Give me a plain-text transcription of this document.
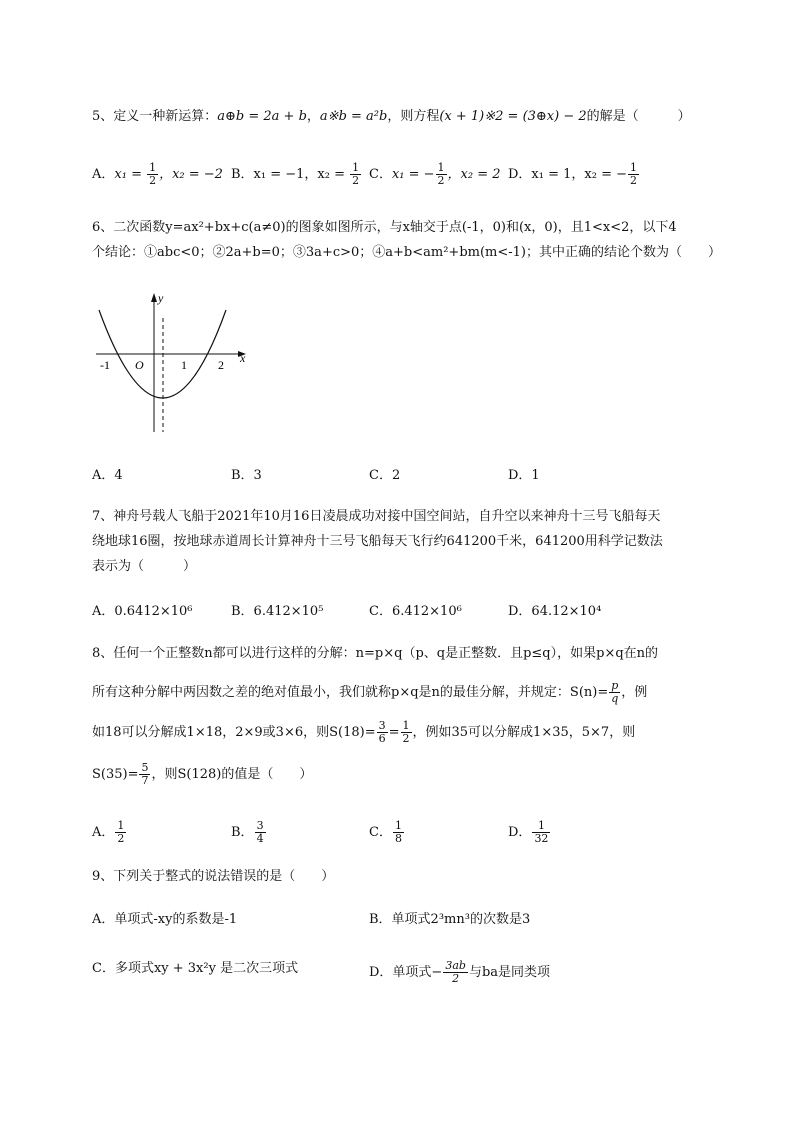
5、定义一种新运算：a⊕b = 2a + b，a※b = a²b，则方程(x + 1)※2 = (3⊕x) − 2的解是（　　　）
A．$x_1 = \frac{1}{2}$ ，x₂ = −2 B．x₁ = −1，$x_2 = \frac{1}{2}$ C．x₁ = − $\frac{1}{2}$ ，x₂ = 2 D．x₁ = 1，x₂ = − $\frac{1}{2}$
6、二次函数y=ax²+bx+c(a≠0)的图象如图所示，与x轴交于点(-1，0)和(x，0)，且1<x<2，以下4
个结论：①abc<0；②2a+b=0；③3a+c>0；④a+b<am²+bm(m<-1)；其中正确的结论个数为（　　）
y
x
O
-1	1	2
A．4	B．3	C．2	D．1
7、神舟号载人飞船于2021年10月16日凌晨成功对接中国空间站，自升空以来神舟十三号飞船每天
绕地球16圈，按地球赤道周长计算神舟十三号飞船每天飞行约641200千米，641200用科学记数法
表示为（　　　）
A．0.6412×10⁶	B．6.412×10⁵	C．6.412×10⁶	D．64.12×10⁴
8、任何一个正整数n都可以进行这样的分解：n=p×q（p、q是正整数．且p≤q），如果p×q在n的
所有这种分解中两因数之差的绝对值最小，我们就称p×q是n的最佳分解，并规定：$S(n)= \frac{p}{q}$ ，例
如18可以分解成1×18，2×9或3×6，则$S(18)= \frac{3}{6} = \frac{1}{2}$ ，例如35可以分解成1×35，5×7，则
$S(35)= \frac{5}{7}$ ，则S(128)的值是（　　）
A． $\frac{1}{2}$	B． $\frac{3}{4}$	C． $\frac{1}{8}$	D． $\frac{1}{32}$
9、下列关于整式的说法错误的是（　　）
A．单项式-xy的系数是-1	B．单项式2³mn³的次数是3
C．多项式xy + 3x²y 是二次三项式	D．单项式− $\frac{3ab}{2}$ 与ba是同类项
